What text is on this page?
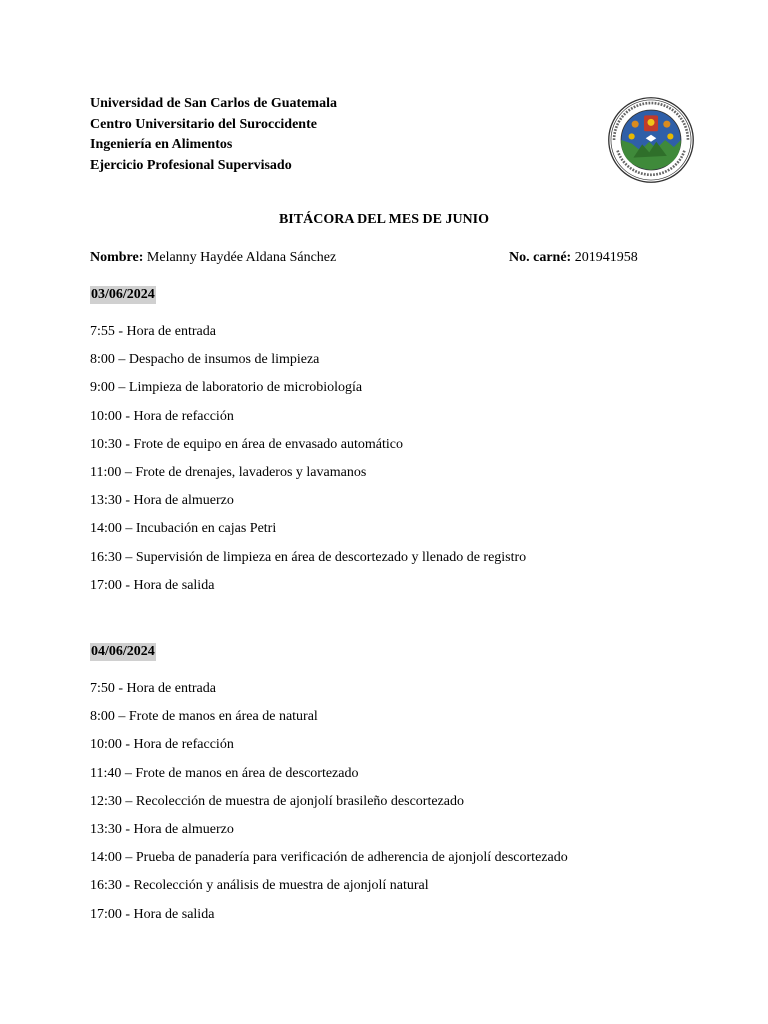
Universidad de San Carlos de Guatemala
Centro Universitario del Suroccidente
Ingeniería en Alimentos
Ejercicio Profesional Supervisado
BITÁCORA DEL MES DE JUNIO
Nombre: Melanny Haydée Aldana Sánchez	No. carné: 201941958
03/06/2024
7:55 - Hora de entrada
8:00 – Despacho de insumos de limpieza
9:00 – Limpieza de laboratorio de microbiología
10:00 - Hora de refacción
10:30 - Frote de equipo en área de envasado automático
11:00 – Frote de drenajes, lavaderos y lavamanos
13:30 - Hora de almuerzo
14:00 – Incubación en cajas Petri
16:30 – Supervisión de limpieza en área de descortezado y llenado de registro
17:00 - Hora de salida
04/06/2024
7:50 - Hora de entrada
8:00 – Frote de manos en área de natural
10:00 - Hora de refacción
11:40 – Frote de manos en área de descortezado
12:30 – Recolección de muestra de ajonjolí brasileño descortezado
13:30 - Hora de almuerzo
14:00 – Prueba de panadería para verificación de adherencia de ajonjolí descortezado
16:30 - Recolección y análisis de muestra de ajonjolí natural
17:00 - Hora de salida
